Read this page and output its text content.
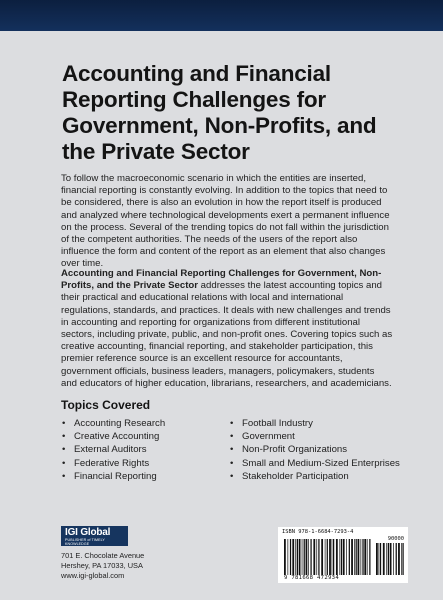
Accounting and Financial Reporting Challenges for Government, Non-Profits, and the Private Sector

To follow the macroeconomic scenario in which the entities are inserted, financial reporting is constantly evolving. In addition to the topics that need to be considered, there is also an evolution in how the report itself is produced and analyzed where technological developments exert a permanent influence on the process. Several of the trending topics do not fall within the jurisdiction of the competent authorities. The needs of the users of the report also influence the form and content of the report as an element that also changes over time.

Accounting and Financial Reporting Challenges for Government, Non-Profits, and the Private Sector addresses the latest accounting topics and their practical and educational relations with local and international regulations, standards, and practices. It deals with new challenges and trends in accounting and reporting for organizations from different institutional sectors, including private, public, and non-profit ones. Covering topics such as creative accounting, financial reporting, and stakeholder participation, this premier reference source is an excellent resource for accountants, government officials, business leaders, managers, policymakers, students and educators of higher education, librarians, researchers, and academicians.

Topics Covered
• Accounting Research
• Creative Accounting
• External Auditors
• Federative Rights
• Financial Reporting
• Football Industry
• Government
• Non-Profit Organizations
• Small and Medium-Sized Enterprises
• Stakeholder Participation
IGI Global
PUBLISHER of TIMELY KNOWLEDGE

701 E. Chocolate Avenue
Hershey, PA 17033, USA
www.igi-global.com

ISBN 978-1-6684-7293-4
90000
9 781668 472934
